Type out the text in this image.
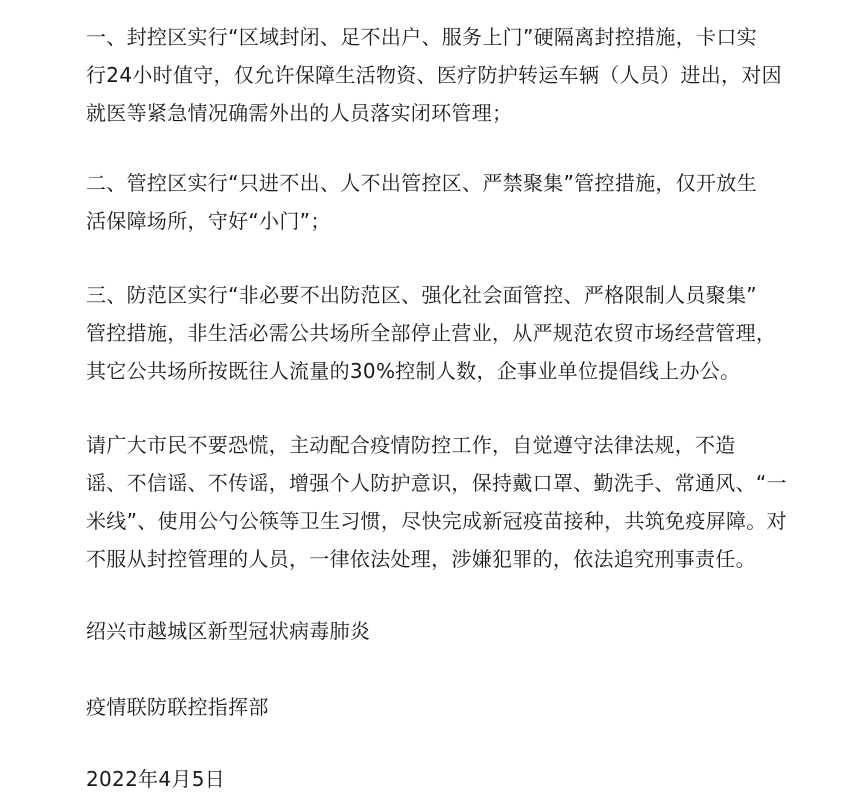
一、封控区实行“区域封闭、足不出户、服务上门”硬隔离封控措施，卡口实
行24小时值守，仅允许保障生活物资、医疗防护转运车辆（人员）进出，对因
就医等紧急情况确需外出的人员落实闭环管理；

二、管控区实行“只进不出、人不出管控区、严禁聚集”管控措施，仅开放生
活保障场所，守好“小门”；

三、防范区实行“非必要不出防范区、强化社会面管控、严格限制人员聚集”
管控措施，非生活必需公共场所全部停止营业，从严规范农贸市场经营管理，
其它公共场所按既往人流量的30%控制人数，企事业单位提倡线上办公。

请广大市民不要恐慌，主动配合疫情防控工作，自觉遵守法律法规，不造
谣、不信谣、不传谣，增强个人防护意识，保持戴口罩、勤洗手、常通风、“一
米线”、使用公勺公筷等卫生习惯，尽快完成新冠疫苗接种，共筑免疫屏障。对
不服从封控管理的人员，一律依法处理，涉嫌犯罪的，依法追究刑事责任。

绍兴市越城区新型冠状病毒肺炎

疫情联防联控指挥部

2022年4月5日
